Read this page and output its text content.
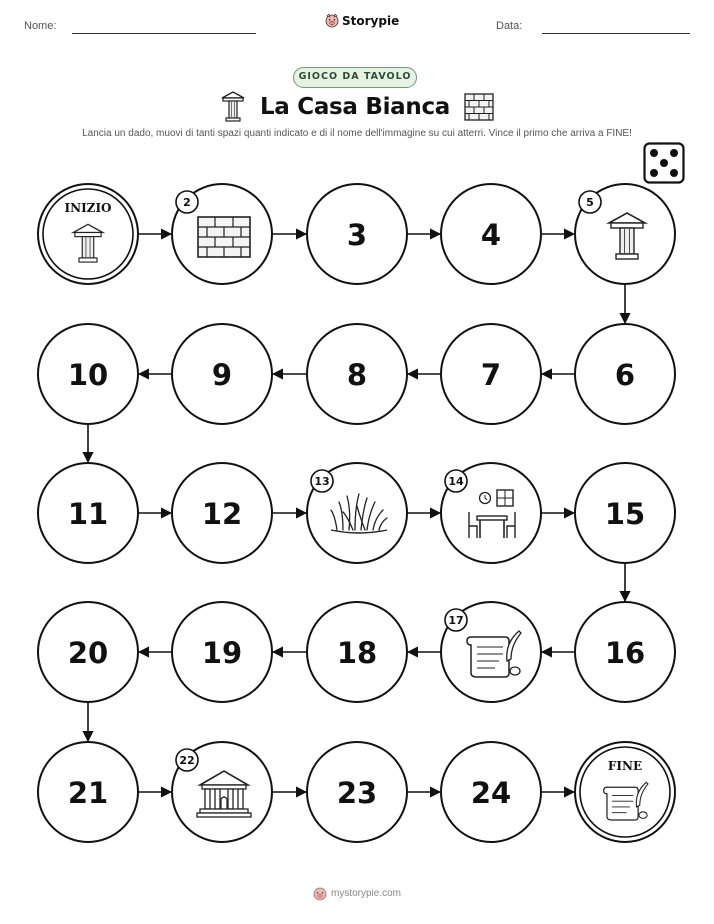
Nome:	Storypie	Data:
GIOCO DA TAVOLO
La Casa Bianca
Lancia un dado, muovi di tanti spazi quanti indicato e di il nome dell'immagine su cui atterri. Vince il primo che arriva a FINE!
INIZIO	2
3	4
5
6
7
8
9
10
11	12
13	14
15
16
17
18
19
20
21
22
23	24
FINE
mystorypie.com
